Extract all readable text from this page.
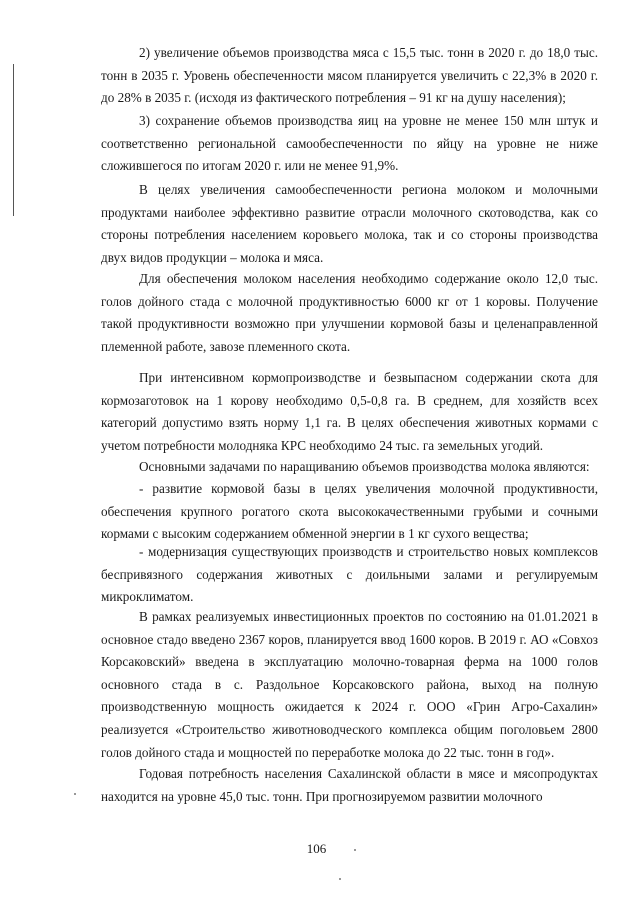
2) увеличение объемов производства мяса с 15,5 тыс. тонн в 2020 г. до 18,0 тыс. тонн в 2035 г. Уровень обеспеченности мясом планируется увеличить с 22,3% в 2020 г. до 28% в 2035 г. (исходя из фактического потребления – 91 кг на душу населения);

3) сохранение объемов производства яиц на уровне не менее 150 млн штук и соответственно региональной самообеспеченности по яйцу на уровне не ниже сложившегося по итогам 2020 г. или не менее 91,9%.

В целях увеличения самообеспеченности региона молоком и молочными продуктами наиболее эффективно развитие отрасли молочного скотоводства, как со стороны потребления населением коровьего молока, так и со стороны производства двух видов продукции – молока и мяса.

Для обеспечения молоком населения необходимо содержание около 12,0 тыс. голов дойного стада с молочной продуктивностью 6000 кг от 1 коровы. Получение такой продуктивности возможно при улучшении кормовой базы и целенаправленной племенной работе, завозе племенного скота.

При интенсивном кормопроизводстве и безвыпасном содержании скота для кормозаготовок на 1 корову необходимо 0,5-0,8 га. В среднем, для хозяйств всех категорий допустимо взять норму 1,1 га. В целях обеспечения животных кормами с учетом потребности молодняка КРС необходимо 24 тыс. га земельных угодий.

Основными задачами по наращиванию объемов производства молока являются:

- развитие кормовой базы в целях увеличения молочной продуктивности, обеспечения крупного рогатого скота высококачественными грубыми и сочными кормами с высоким содержанием обменной энергии в 1 кг сухого вещества;

- модернизация существующих производств и строительство новых комплексов беспривязного содержания животных с доильными залами и регулируемым микроклиматом.

В рамках реализуемых инвестиционных проектов по состоянию на 01.01.2021 в основное стадо введено 2367 коров, планируется ввод 1600 коров. В 2019 г. АО «Совхоз Корсаковский» введена в эксплуатацию молочно-товарная ферма на 1000 голов основного стада в с. Раздольное Корсаковского района, выход на полную производственную мощность ожидается к 2024 г. ООО «Грин Агро-Сахалин» реализуется «Строительство животноводческого комплекса общим поголовьем 2800 голов дойного стада и мощностей по переработке молока до 22 тыс. тонн в год».

Годовая потребность населения Сахалинской области в мясе и мясопродуктах находится на уровне 45,0 тыс. тонн. При прогнозируемом развитии молочного

106
